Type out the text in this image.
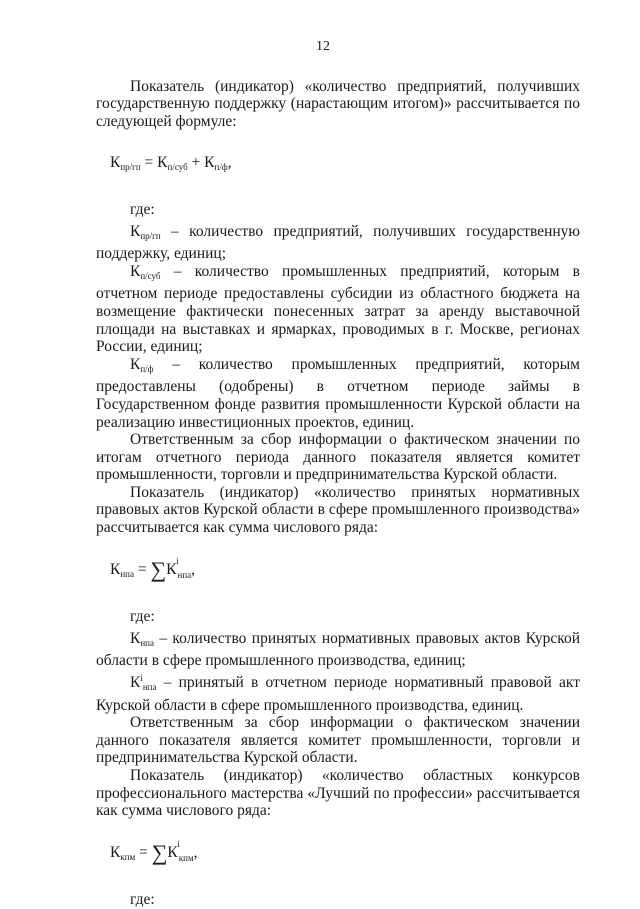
12

Показатель (индикатор) «количество предприятий, получивших государственную поддержку (нарастающим итогом)» рассчитывается по следующей формуле:

$К_{пр/гп} = К_{п/суб} + К_{п/ф}$,

где:

$К_{пр/гп}$ – количество предприятий, получивших государственную поддержку, единиц;

$К_{п/суб}$ – количество промышленных предприятий, которым в отчетном периоде предоставлены субсидии из областного бюджета на возмещение фактически понесенных затрат за аренду выставочной площади на выставках и ярмарках, проводимых в г. Москве, регионах России, единиц;

$К_{п/ф}$ – количество промышленных предприятий, которым предоставлены (одобрены) в отчетном периоде займы в Государственном фонде развития промышленности Курской области на реализацию инвестиционных проектов, единиц.

Ответственным за сбор информации о фактическом значении по итогам отчетного периода данного показателя является комитет промышленности, торговли и предпринимательства Курской области.

Показатель (индикатор) «количество принятых нормативных правовых актов Курской области в сфере промышленного производства» рассчитывается как сумма числового ряда:

$К_{нпа} = \sum К$ i
$_{нпа}$,

где:

$К_{нпа}$ – количество принятых нормативных правовых актов Курской области в сфере промышленного производства, единиц;

$К^i_{нпа}$ – принятый в отчетном периоде нормативный правовой акт Курской области в сфере промышленного производства, единиц.

Ответственным за сбор информации о фактическом значении данного показателя является комитет промышленности, торговли и предпринимательства Курской области.

Показатель (индикатор) «количество областных конкурсов профессионального мастерства «Лучший по профессии» рассчитывается как сумма числового ряда:

$К_{кпм} = \sum К$ i
$_{кпм}$,

где:
